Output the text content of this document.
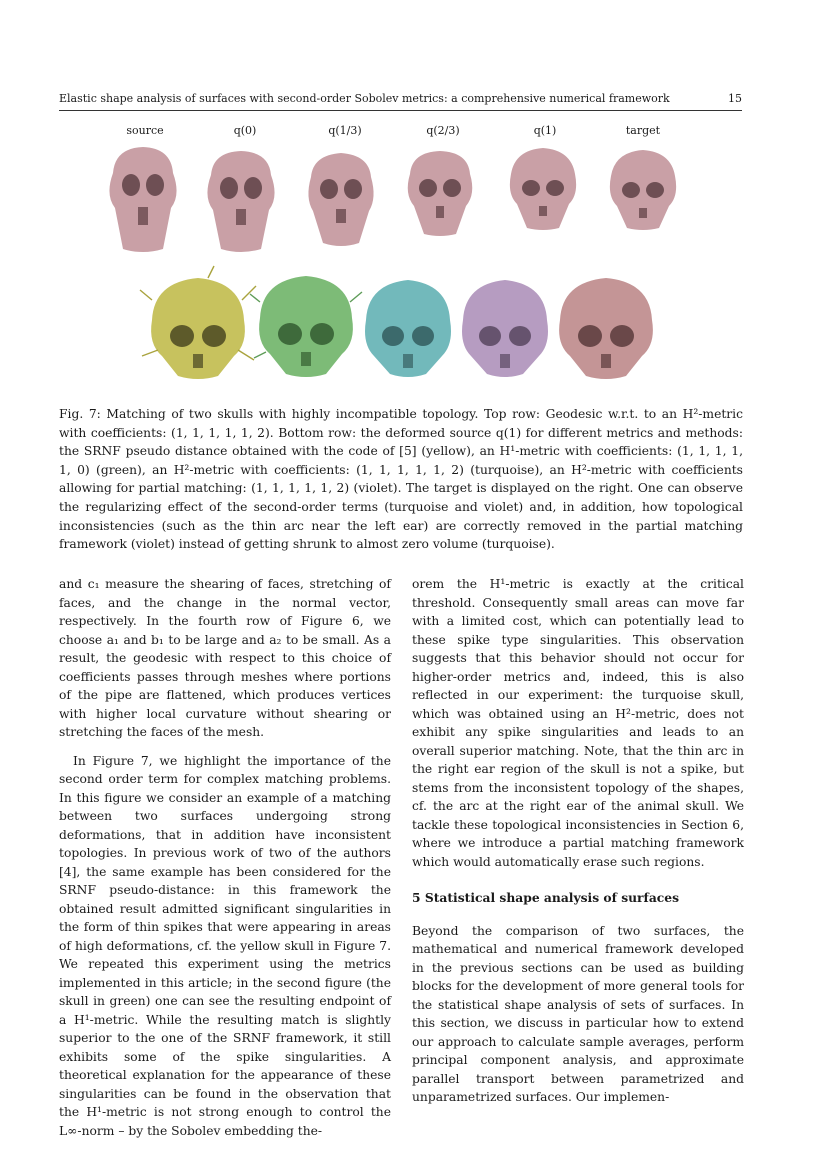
Elastic shape analysis of surfaces with second-order Sobolev metrics: a comprehensive numerical framework	15
source	q(0)	q(1/3)	q(2/3)	q(1)	target
Fig. 7: Matching of two skulls with highly incompatible topology. Top row: Geodesic w.r.t. to an H²-metric with coefficients: (1, 1, 1, 1, 1, 2). Bottom row: the deformed source q(1) for different metrics and methods: the SRNF pseudo distance obtained with the code of [5] (yellow), an H¹-metric with coefficients: (1, 1, 1, 1, 1, 0) (green), an H²-metric with coefficients: (1, 1, 1, 1, 1, 2) (turquoise), an H²-metric with coefficients allowing for partial matching: (1, 1, 1, 1, 1, 2) (violet). The target is displayed on the right. One can observe the regularizing effect of the second-order terms (turquoise and violet) and, in addition, how topological inconsistencies (such as the thin arc near the left ear) are correctly removed in the partial matching framework (violet) instead of getting shrunk to almost zero volume (turquoise).

and c₁ measure the shearing of faces, stretching of faces, and the change in the normal vector, respectively. In the fourth row of Figure 6, we choose a₁ and b₁ to be large and a₂ to be small. As a result, the geodesic with respect to this choice of coefficients passes through meshes where portions of the pipe are flattened, which produces vertices with higher local curvature without shearing or stretching the faces of the mesh.

In Figure 7, we highlight the importance of the second order term for complex matching problems. In this figure we consider an example of a matching between two surfaces undergoing strong deformations, that in addition have inconsistent topologies. In previous work of two of the authors [4], the same example has been considered for the SRNF pseudo-distance: in this framework the obtained result admitted significant singularities in the form of thin spikes that were appearing in areas of high deformations, cf. the yellow skull in Figure 7. We repeated this experiment using the metrics implemented in this article; in the second figure (the skull in green) one can see the resulting endpoint of a H¹-metric. While the resulting match is slightly superior to the one of the SRNF framework, it still exhibits some of the spike singularities. A theoretical explanation for the appearance of these singularities can be found in the observation that the H¹-metric is not strong enough to control the L∞-norm – by the Sobolev embedding the-

orem the H¹-metric is exactly at the critical threshold. Consequently small areas can move far with a limited cost, which can potentially lead to these spike type singularities. This observation suggests that this behavior should not occur for higher-order metrics and, indeed, this is also reflected in our experiment: the turquoise skull, which was obtained using an H²-metric, does not exhibit any spike singularities and leads to an overall superior matching. Note, that the thin arc in the right ear region of the skull is not a spike, but stems from the inconsistent topology of the shapes, cf. the arc at the right ear of the animal skull. We tackle these topological inconsistencies in Section 6, where we introduce a partial matching framework which would automatically erase such regions.

5 Statistical shape analysis of surfaces

Beyond the comparison of two surfaces, the mathematical and numerical framework developed in the previous sections can be used as building blocks for the development of more general tools for the statistical shape analysis of sets of surfaces. In this section, we discuss in particular how to extend our approach to calculate sample averages, perform principal component analysis, and approximate parallel transport between parametrized and unparametrized surfaces. Our implemen-
